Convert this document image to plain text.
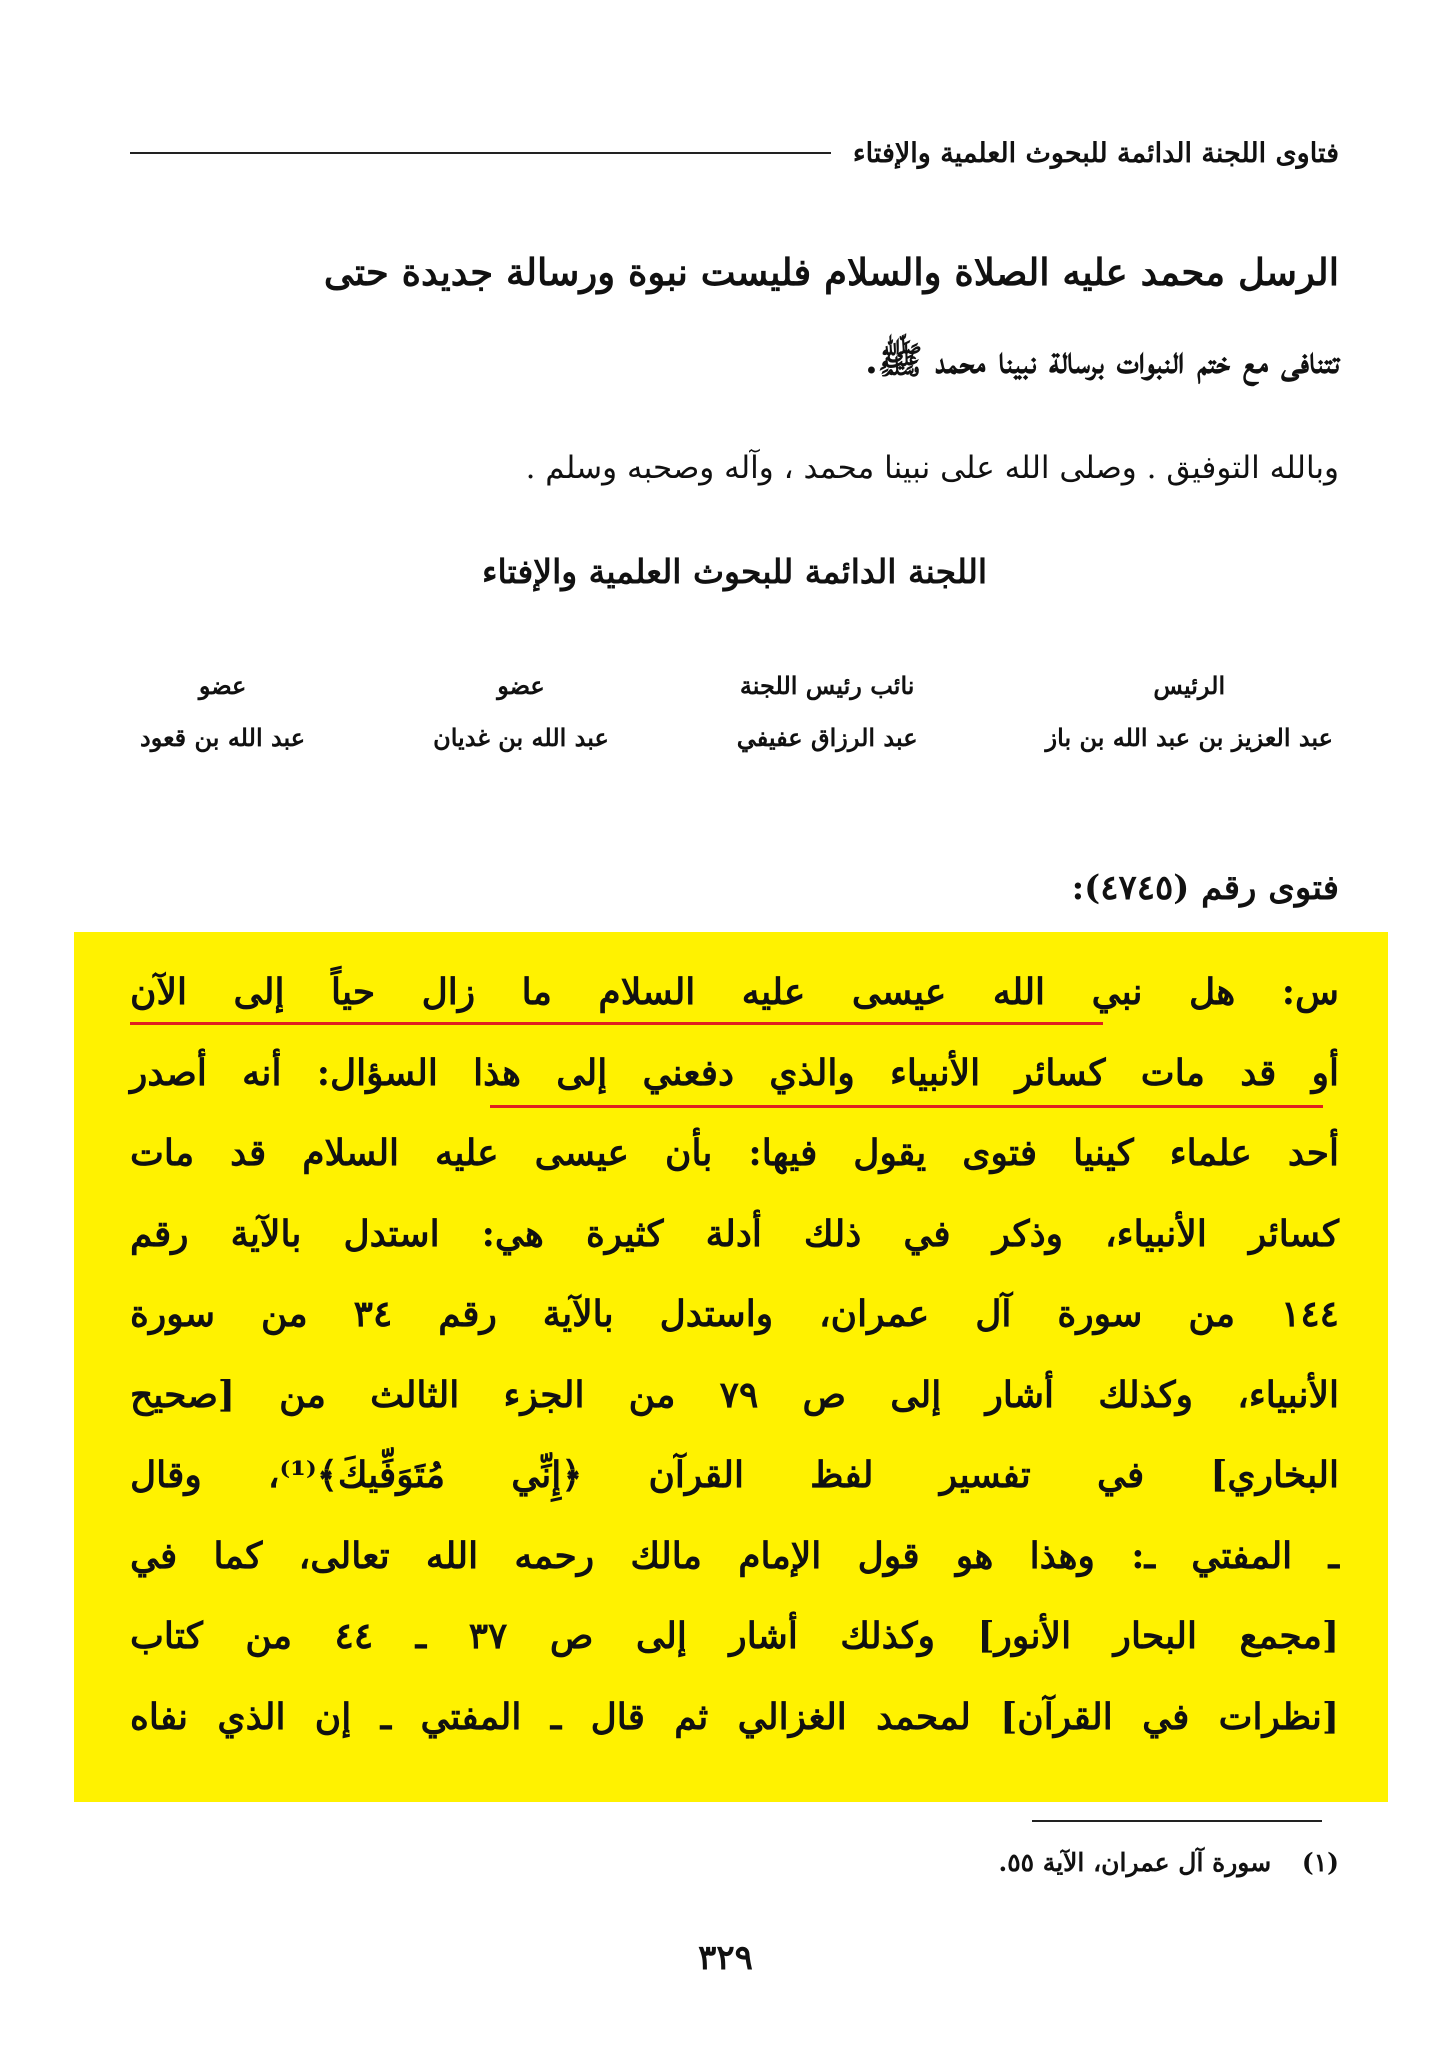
فتاوى اللجنة الدائمة للبحوث العلمية والإفتاء
الرسل محمد عليه الصلاة والسلام فليست نبوة ورسالة جديدة حتى
تتنافى مع ختم النبوات برسالة نبينا محمد ﷺ.
وبالله التوفيق . وصلى الله على نبينا محمد ، وآله وصحبه وسلم .
اللجنة الدائمة للبحوث العلمية والإفتاء
الرئيس
عبد العزيز بن عبد الله بن باز
نائب رئيس اللجنة
عبد الرزاق عفيفي
عضو
عبد الله بن غديان
عضو
عبد الله بن قعود
فتوى رقم (٤٧٤٥):
س: هل نبي الله عيسى عليه السلام ما زال حياً إلى الآن
أو قد مات كسائر الأنبياء والذي دفعني إلى هذا السؤال: أنه أصدر
أحد علماء كينيا فتوى يقول فيها: بأن عيسى عليه السلام قد مات
كسائر الأنبياء، وذكر في ذلك أدلة كثيرة هي: استدل بالآية رقم
١٤٤ من سورة آل عمران، واستدل بالآية رقم ٣٤ من سورة
الأنبياء، وكذلك أشار إلى ص ٧٩ من الجزء الثالث من [صحيح
البخاري] في تفسير لفظ القرآن ﴿إِنِّي مُتَوَفِّيكَ﴾⁽¹⁾، وقال
ـ المفتي ـ: وهذا هو قول الإمام مالك رحمه الله تعالى، كما في
[مجمع البحار الأنور] وكذلك أشار إلى ص ٣٧ ـ ٤٤ من كتاب
[نظرات في القرآن] لمحمد الغزالي ثم قال ـ المفتي ـ إن الذي نفاه
(١) سورة آل عمران، الآية ٥٥.
٣٢٩
